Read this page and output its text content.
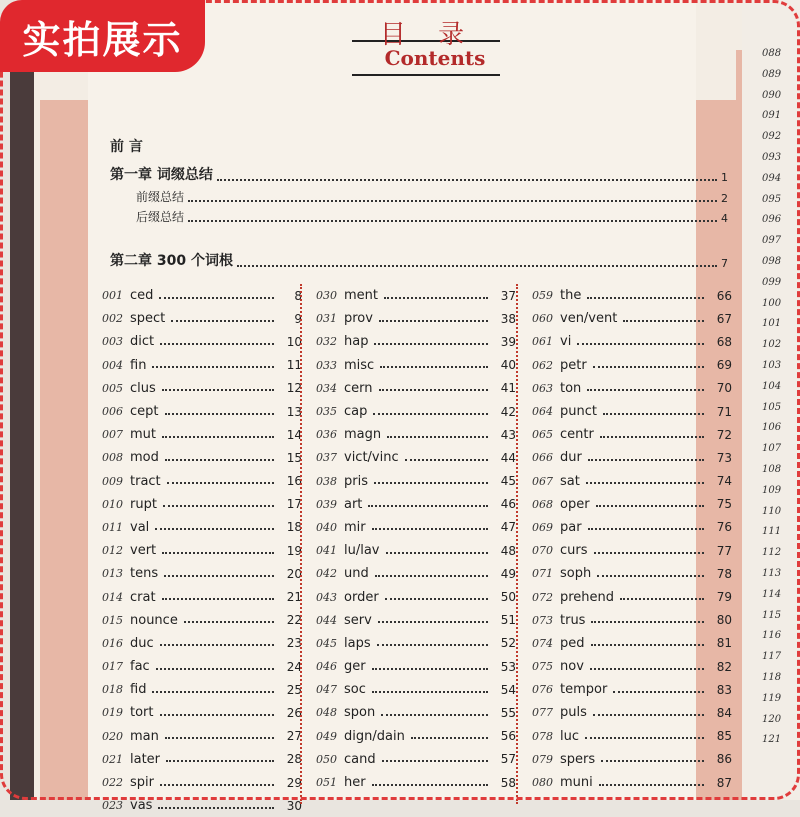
088
089
090
091
092
093
094
095
096
097
098
099
100
101
102
103
104
105
106
107
108
109
110
111
112
113
114
115
116
117
118
119
120
121
目 录
Contents
前 言
第一章 词缀总结	1
前缀总结	2
后缀总结	4
第二章 300 个词根	7
001 ced	8
002 spect	9
003 dict	10
004 fin	11
005 clus	12
006 cept	13
007 mut	14
008 mod	15
009 tract	16
010 rupt	17
011 val	18
012 vert	19
013 tens	20
014 crat	21
015 nounce	22
016 duc	23
017 fac	24
018 fid	25
019 tort	26
020 man	27
021 later	28
022 spir	29
023 vas	30
030 ment	37
031 prov	38
032 hap	39
033 misc	40
034 cern	41
035 cap	42
036 magn	43
037 vict/vinc	44
038 pris	45
039 art	46
040 mir	47
041 lu/lav	48
042 und	49
043 order	50
044 serv	51
045 laps	52
046 ger	53
047 soc	54
048 spon	55
049 dign/dain	56
050 cand	57
051 her	58
059 the	66
060 ven/vent	67
061 vi	68
062 petr	69
063 ton	70
064 punct	71
065 centr	72
066 dur	73
067 sat	74
068 oper	75
069 par	76
070 curs	77
071 soph	78
072 prehend	79
073 trus	80
074 ped	81
075 nov	82
076 tempor	83
077 puls	84
078 luc	85
079 spers	86
080 muni	87
实拍展示
